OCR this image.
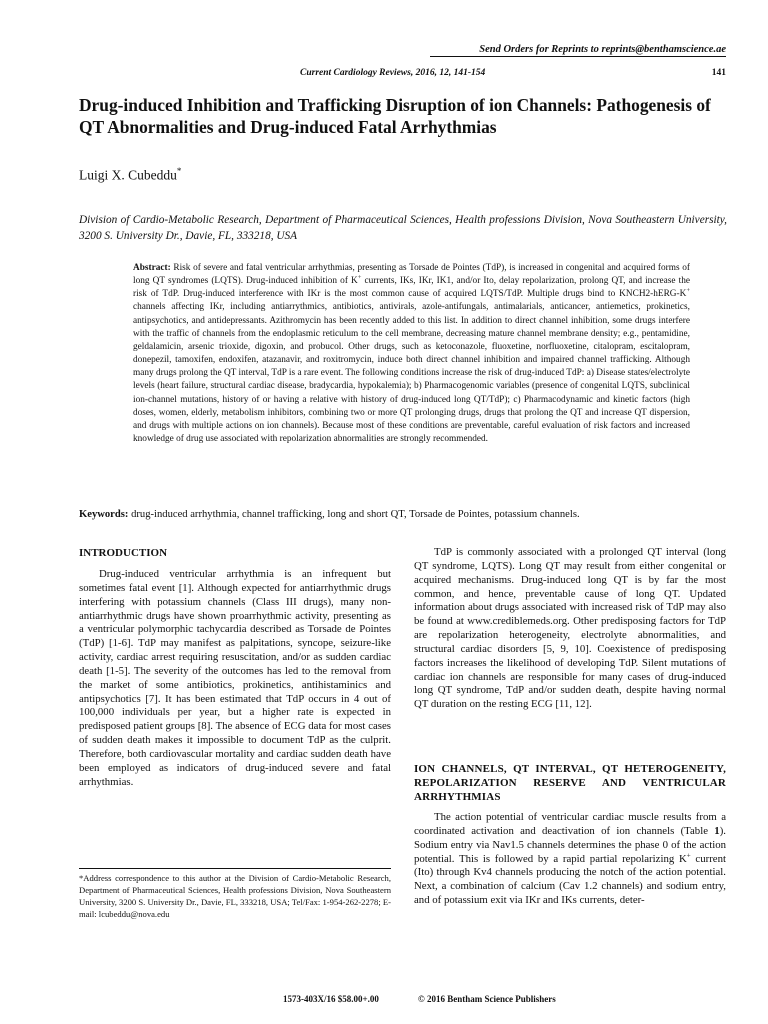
Send Orders for Reprints to reprints@benthamscience.ae
Current Cardiology Reviews, 2016, 12, 141-154	141
Drug-induced Inhibition and Trafficking Disruption of ion Channels: Pathogenesis of QT Abnormalities and Drug-induced Fatal Arrhythmias
Luigi X. Cubeddu*
Division of Cardio-Metabolic Research, Department of Pharmaceutical Sciences, Health professions Division, Nova Southeastern University, 3200 S. University Dr., Davie, FL, 333218, USA
Abstract: Risk of severe and fatal ventricular arrhythmias, presenting as Torsade de Pointes (TdP), is increased in congenital and acquired forms of long QT syndromes (LQTS). Drug-induced inhibition of K+ currents, IKs, IKr, IK1, and/or Ito, delay repolarization, prolong QT, and increase the risk of TdP. Drug-induced interference with IKr is the most common cause of acquired LQTS/TdP. Multiple drugs bind to KNCH2-hERG-K+ channels affecting IKr, including antiarrythmics, antibiotics, antivirals, azole-antifungals, antimalarials, anticancer, antiemetics, prokinetics, antipsychotics, and antidepressants. Azithromycin has been recently added to this list. In addition to direct channel inhibition, some drugs interfere with the traffic of channels from the endoplasmic reticulum to the cell membrane, decreasing mature channel membrane density; e.g., pentamidine, geldalamicin, arsenic trioxide, digoxin, and probucol. Other drugs, such as ketoconazole, fluoxetine, norfluoxetine, citalopram, escitalopram, donepezil, tamoxifen, endoxifen, atazanavir, and roxitromycin, induce both direct channel inhibition and impaired channel trafficking. Although many drugs prolong the QT interval, TdP is a rare event. The following conditions increase the risk of drug-induced TdP: a) Disease states/electrolyte levels (heart failure, structural cardiac disease, bradycardia, hypokalemia); b) Pharmacogenomic variables (presence of congenital LQTS, subclinical ion-channel mutations, history of or having a relative with history of drug-induced long QT/TdP); c) Pharmacodynamic and kinetic factors (high doses, women, elderly, metabolism inhibitors, combining two or more QT prolonging drugs, drugs that prolong the QT and increase QT dispersion, and drugs with multiple actions on ion channels). Because most of these conditions are preventable, careful evaluation of risk factors and increased knowledge of drug use associated with repolarization abnormalities are strongly recommended.
Keywords: drug-induced arrhythmia, channel trafficking, long and short QT, Torsade de Pointes, potassium channels.
INTRODUCTION

Drug-induced ventricular arrhythmia is an infrequent but sometimes fatal event [1]. Although expected for antiarrhythmic drugs interfering with potassium channels (Class III drugs), many non-antiarrhythmic drugs have shown proarrhythmic activity, presenting as a ventricular polymorphic tachycardia described as Torsade de Pointes (TdP) [1-6]. TdP may manifest as palpitations, syncope, seizure-like activity, cardiac arrest requiring resuscitation, and/or as sudden cardiac death [1-5]. The severity of the outcomes has led to the removal from the market of some antibiotics, prokinetics, antihistaminics and antipsychotics [7]. It has been estimated that TdP occurs in 4 out of 100,000 individuals per year, but a higher rate is expected in predisposed patient groups [8]. The absence of ECG data for most cases of sudden death makes it impossible to document TdP as the culprit. Therefore, both cardiovascular mortality and cardiac sudden death have been employed as indicators of drug-induced severe and fatal arrhythmias.

TdP is commonly associated with a prolonged QT interval (long QT syndrome, LQTS). Long QT may result from either congenital or acquired mechanisms. Drug-induced long QT is by far the most common, and hence, preventable cause of long QT. Updated information about drugs associated with increased risk of TdP may also be found at www.crediblemeds.org. Other predisposing factors for TdP are repolarization heterogeneity, electrolyte abnormalities, and structural cardiac disorders [5, 9, 10]. Coexistence of predisposing factors increases the likelihood of developing TdP. Silent mutations of cardiac ion channels are responsible for many cases of drug-induced long QT syndrome, TdP and/or sudden death, despite having normal QT duration on the resting ECG [11, 12].

ION CHANNELS, QT INTERVAL, QT HETEROGENEITY, REPOLARIZATION RESERVE AND VENTRICULAR ARRHYTHMIAS

The action potential of ventricular cardiac muscle results from a coordinated activation and deactivation of ion channels (Table 1). Sodium entry via Nav1.5 channels determines the phase 0 of the action potential. This is followed by a rapid partial repolarizing K+ current (Ito) through Kv4 channels producing the notch of the action potential. Next, a combination of calcium (Cav 1.2 channels) and sodium entry, and of potassium exit via IKr and IKs currents, deter-

*Address correspondence to this author at the Division of Cardio-Metabolic Research, Department of Pharmaceutical Sciences, Health professions Division, Nova Southeastern University, 3200 S. University Dr., Davie, FL, 333218, USA; Tel/Fax: 1-954-262-2278; E-mail: lcubeddu@nova.edu
1573-403X/16 $58.00+.00	© 2016 Bentham Science Publishers
